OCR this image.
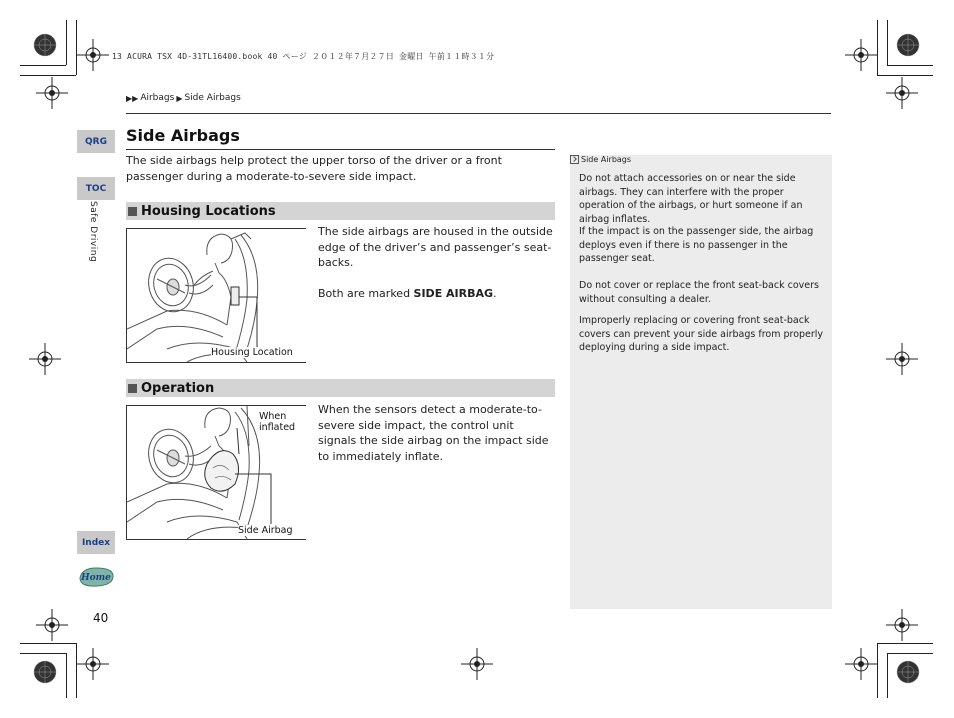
13 ACURA TSX 4D-31TL16400.book 40 ページ ２０１２年７月２７日 金曜日 午前１１時３１分
▶▶ Airbags ▶ Side Airbags
QRG
TOC
Safe Driving
Index
Home
Side Airbags
The side airbags help protect the upper torso of the driver or a front passenger during a moderate-to-severe side impact.
Housing Locations
Housing Location
The side airbags are housed in the outside edge of the driver’s and passenger’s seat-backs.
Both are marked SIDE AIRBAG.
Operation
When inflated
Side Airbag
When the sensors detect a moderate-to-severe side impact, the control unit signals the side airbag on the impact side to immediately inflate.
Side Airbags
Do not attach accessories on or near the side airbags. They can interfere with the proper operation of the airbags, or hurt someone if an airbag inflates.
If the impact is on the passenger side, the airbag deploys even if there is no passenger in the passenger seat.
Do not cover or replace the front seat-back covers without consulting a dealer.
Improperly replacing or covering front seat-back covers can prevent your side airbags from properly deploying during a side impact.
40
